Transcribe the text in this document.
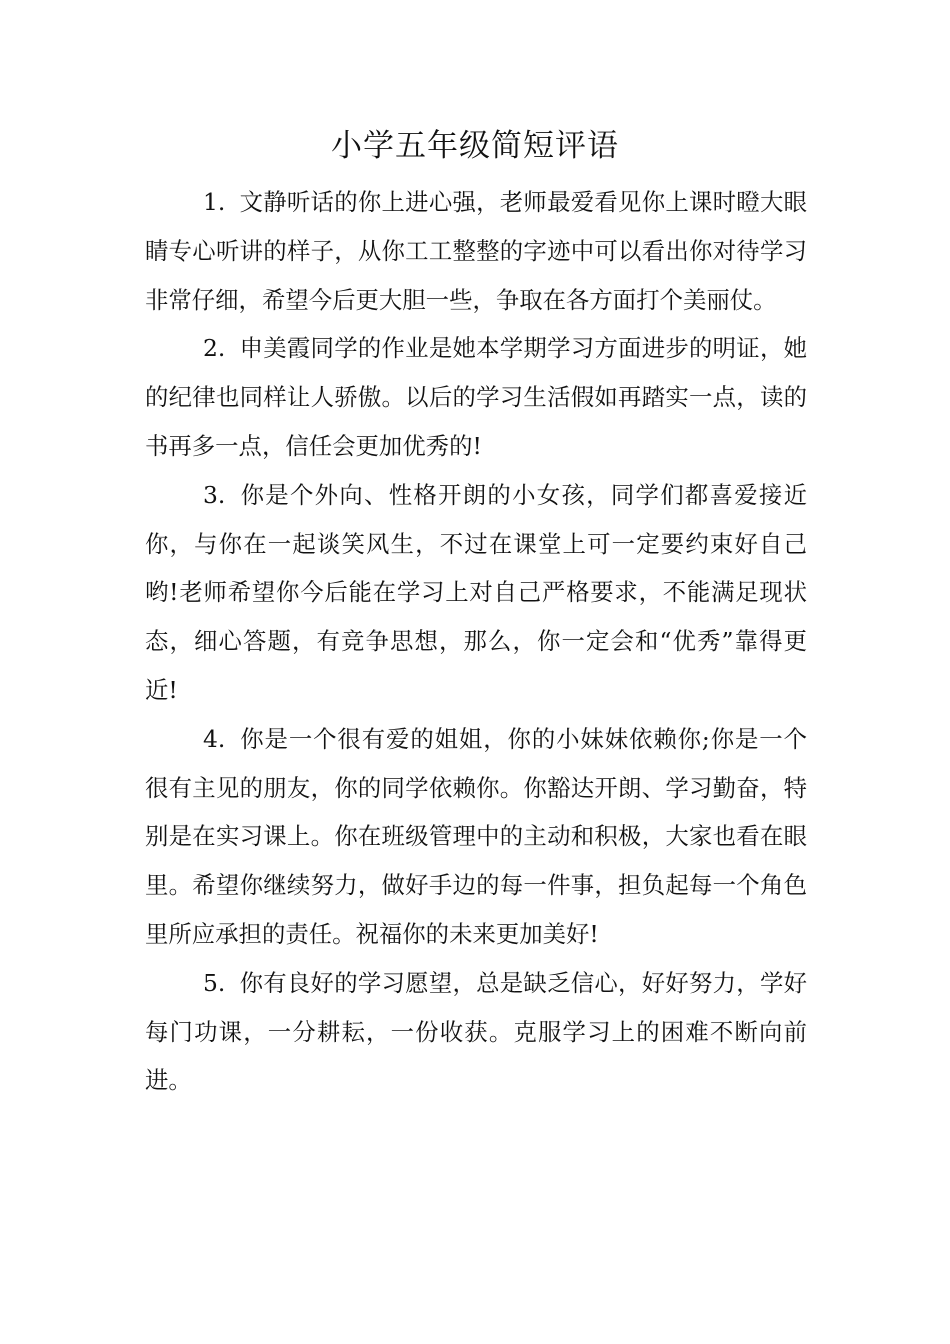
小学五年级简短评语

1. 文静听话的你上进心强，老师最爱看见你上课时瞪大眼睛专心听讲的样子，从你工工整整的字迹中可以看出你对待学习非常仔细，希望今后更大胆一些，争取在各方面打个美丽仗。

2. 申美霞同学的作业是她本学期学习方面进步的明证，她的纪律也同样让人骄傲。以后的学习生活假如再踏实一点，读的书再多一点，信任会更加优秀的!

3. 你是个外向、性格开朗的小女孩，同学们都喜爱接近你，与你在一起谈笑风生，不过在课堂上可一定要约束好自己哟!老师希望你今后能在学习上对自己严格要求，不能满足现状态，细心答题，有竞争思想，那么，你一定会和“优秀”靠得更近!

4. 你是一个很有爱的姐姐，你的小妹妹依赖你;你是一个很有主见的朋友，你的同学依赖你。你豁达开朗、学习勤奋，特别是在实习课上。你在班级管理中的主动和积极，大家也看在眼里。希望你继续努力，做好手边的每一件事，担负起每一个角色里所应承担的责任。祝福你的未来更加美好!

5. 你有良好的学习愿望，总是缺乏信心，好好努力，学好每门功课，一分耕耘，一份收获。克服学习上的困难不断向前进。
